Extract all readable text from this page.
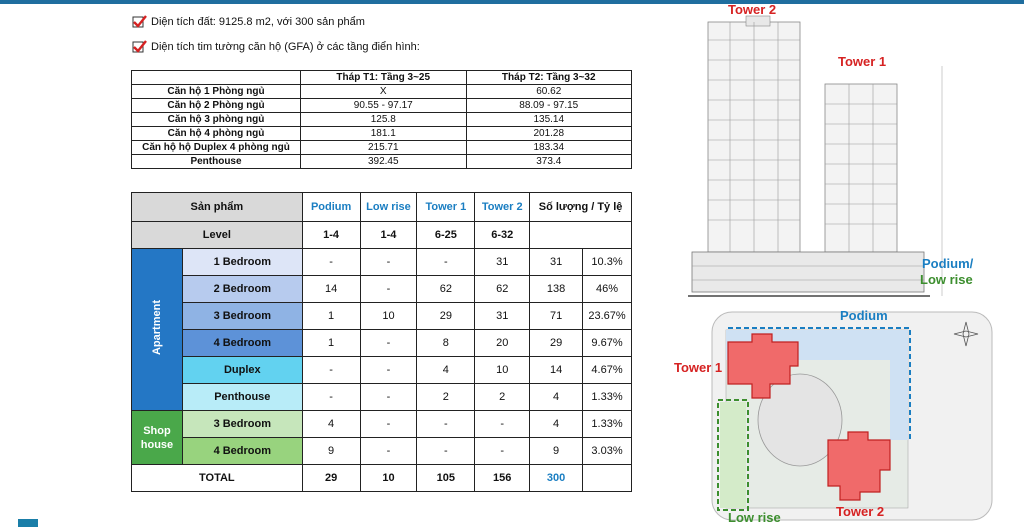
Diện tích đất: 9125.8 m2, với 300 sản phẩm
Diện tích tim tường căn hộ (GFA) ở các tầng điển hình:
	Tháp T1: Tầng 3~25	Tháp T2: Tầng 3~32
Căn hộ 1 Phòng ngủ	X	60.62
Căn hộ 2 Phòng ngủ	90.55 - 97.17	88.09 - 97.15
Căn hộ 3 phòng ngủ	125.8	135.14
Căn hộ 4 phòng ngủ	181.1	201.28
Căn hộ hộ Duplex 4 phòng ngủ	215.71	183.34
Penthouse	392.45	373.4
Sản phẩm		Podium	Low rise	Tower 1	Tower 2	Số lượng / Tỷ lệ	
Level		1-4	1-4	6-25	6-32		
Apartment	1 Bedroom	-	-	-	31	31	10.3%
	2 Bedroom	14	-	62	62	138	46%
	3 Bedroom	1	10	29	31	71	23.67%
	4 Bedroom	1	-	8	20	29	9.67%
	Duplex	-	-	4	10	14	4.67%
	Penthouse	-	-	2	2	4	1.33%
Shop house	3 Bedroom	4	-	-	-	4	1.33%
	4 Bedroom	9	-	-	-	9	3.03%
TOTAL		29	10	105	156	300	
Tower 2
Tower 1
Podium/
Low rise
Podium
Tower 1
Tower 2
Low rise
